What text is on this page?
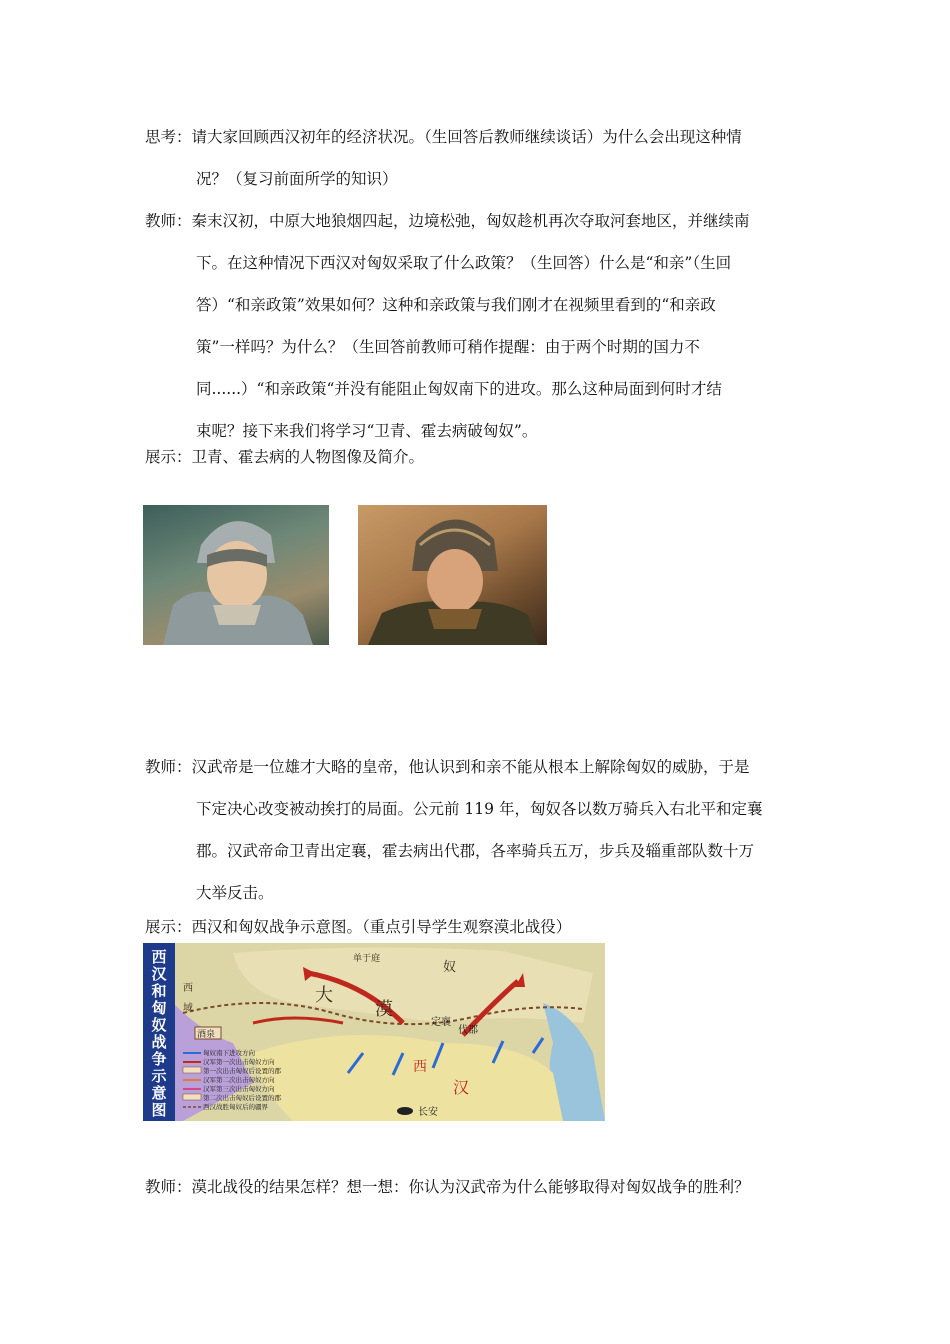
思考：请大家回顾西汉初年的经济状况。（生回答后教师继续谈话）为什么会出现这种情
况？（复习前面所学的知识）
教师：秦末汉初，中原大地狼烟四起，边境松弛，匈奴趁机再次夺取河套地区，并继续南
下。在这种情况下西汉对匈奴采取了什么政策？（生回答）什么是“和亲”（生回
答）“和亲政策”效果如何？这种和亲政策与我们刚才在视频里看到的“和亲政
策”一样吗？为什么？（生回答前教师可稍作提醒：由于两个时期的国力不
同......）“和亲政策“并没有能阻止匈奴南下的进攻。那么这种局面到何时才结
束呢？接下来我们将学习“卫青、霍去病破匈奴”。
展示：卫青、霍去病的人物图像及简介。
教师：汉武帝是一位雄才大略的皇帝，他认识到和亲不能从根本上解除匈奴的威胁，于是
下定决心改变被动挨打的局面。公元前 119 年，匈奴各以数万骑兵入右北平和定襄
郡。汉武帝命卫青出定襄，霍去病出代郡，各率骑兵五万，步兵及辎重部队数十万
大举反击。
展示：西汉和匈奴战争示意图。（重点引导学生观察漠北战役）
奴
大
漠
单于庭
代郡
定襄
汉
西
长安
西
域
酒泉
匈奴南下进攻方向
汉军第一次出击匈奴方向
第一次出击匈奴后设置的郡
汉军第二次出击匈奴方向
汉军第三次出击匈奴方向
第二次出击匈奴后设置的郡
西汉战胜匈奴后的疆界
西
汉
和
匈
奴
战
争
示
意
图
教师：漠北战役的结果怎样？想一想：你认为汉武帝为什么能够取得对匈奴战争的胜利？
